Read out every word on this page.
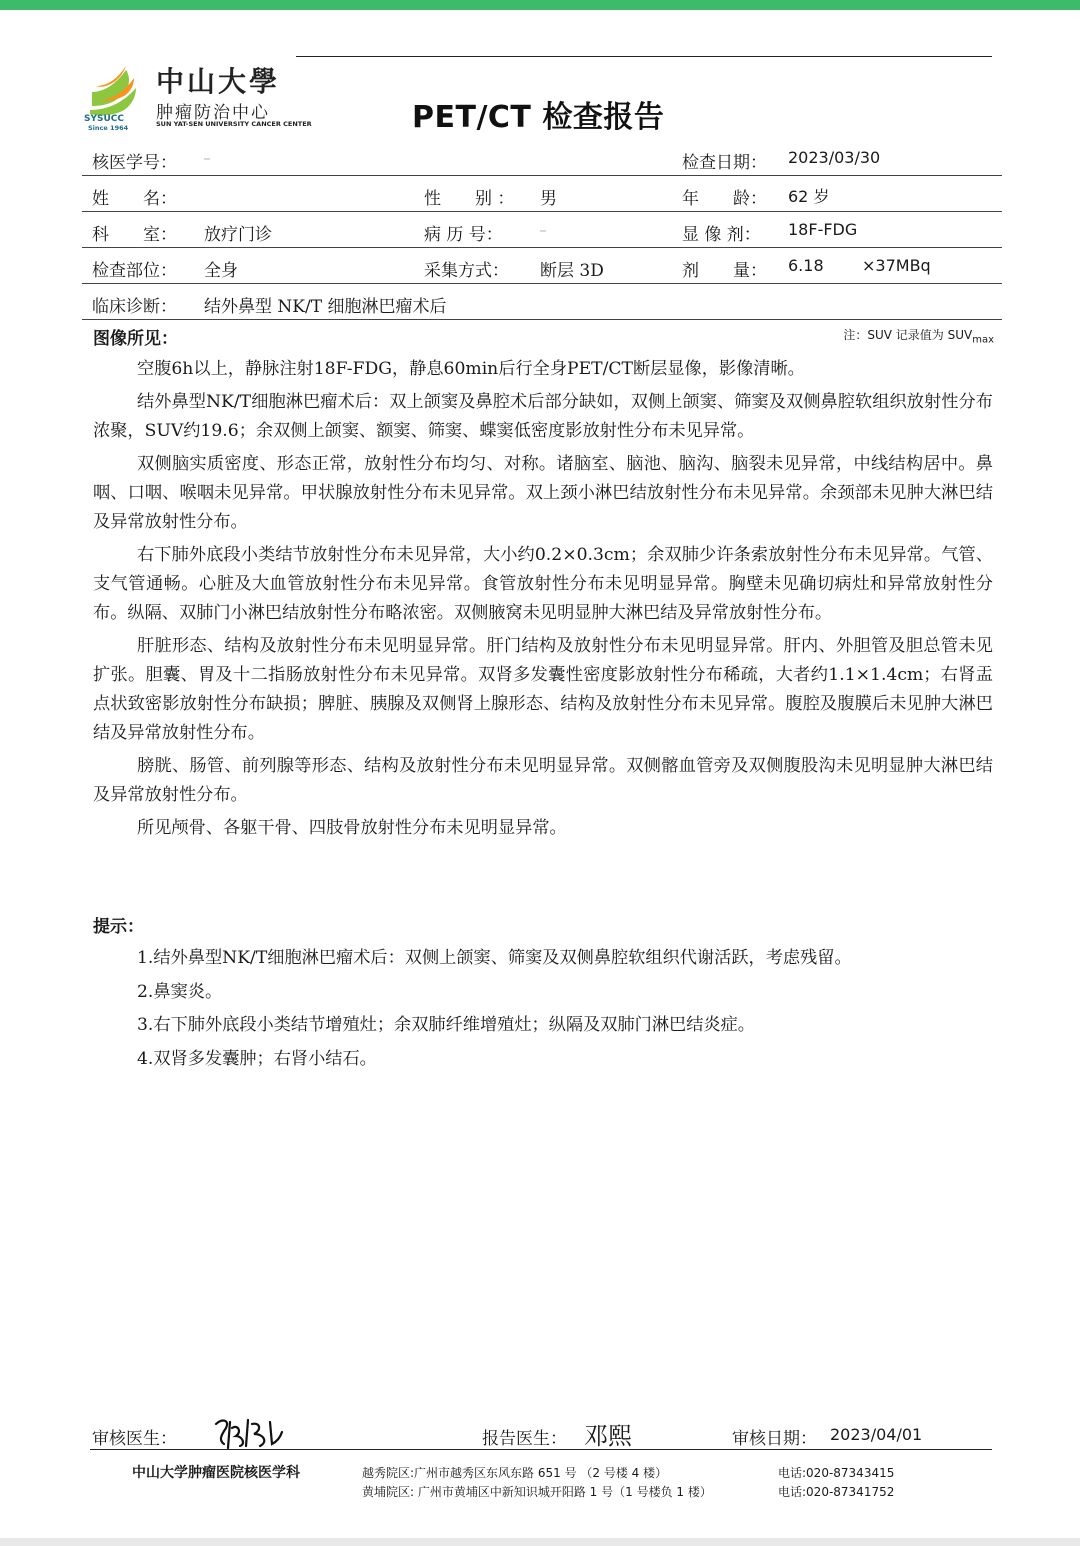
SYSUCC
Since 1964
中山大學
肿瘤防治中心
SUN YAT-SEN UNIVERSITY CANCER CENTER	PET/CT 检查报告
核医学号：	检查日期： 2023/03/30
姓　　名：	性　　别 ： 男	年　　龄： 62 岁
科　　室： 放疗门诊	病 历 号：	显 像 剂： 18F-FDG
检查部位： 全身	采集方式： 断层 3D	剂　　量： 6.18 ×37MBq
临床诊断： 结外鼻型 NK/T 细胞淋巴瘤术后
图像所见：	注：SUV 记录值为 $SUV_{max}$

空腹6h以上，静脉注射18F-FDG，静息60min后行全身PET/CT断层显像，影像清晰。

结外鼻型NK/T细胞淋巴瘤术后：双上颌窦及鼻腔术后部分缺如，双侧上颌窦、筛窦及双侧鼻腔软组织放射性分布浓聚，SUV约19.6；余双侧上颌窦、额窦、筛窦、蝶窦低密度影放射性分布未见异常。

双侧脑实质密度、形态正常，放射性分布均匀、对称。诸脑室、脑池、脑沟、脑裂未见异常，中线结构居中。鼻咽、口咽、喉咽未见异常。甲状腺放射性分布未见异常。双上颈小淋巴结放射性分布未见异常。余颈部未见肿大淋巴结及异常放射性分布。

右下肺外底段小类结节放射性分布未见异常，大小约0.2×0.3cm；余双肺少许条索放射性分布未见异常。气管、支气管通畅。心脏及大血管放射性分布未见异常。食管放射性分布未见明显异常。胸壁未见确切病灶和异常放射性分布。纵隔、双肺门小淋巴结放射性分布略浓密。双侧腋窝未见明显肿大淋巴结及异常放射性分布。

肝脏形态、结构及放射性分布未见明显异常。肝门结构及放射性分布未见明显异常。肝内、外胆管及胆总管未见扩张。胆囊、胃及十二指肠放射性分布未见异常。双肾多发囊性密度影放射性分布稀疏，大者约1.1×1.4cm；右肾盂点状致密影放射性分布缺损；脾脏、胰腺及双侧肾上腺形态、结构及放射性分布未见异常。腹腔及腹膜后未见肿大淋巴结及异常放射性分布。

膀胱、肠管、前列腺等形态、结构及放射性分布未见明显异常。双侧髂血管旁及双侧腹股沟未见明显肿大淋巴结及异常放射性分布。

所见颅骨、各躯干骨、四肢骨放射性分布未见明显异常。

提示：
1.结外鼻型NK/T细胞淋巴瘤术后：双侧上颌窦、筛窦及双侧鼻腔软组织代谢活跃，考虑残留。
2.鼻窦炎。
3.右下肺外底段小类结节增殖灶；余双肺纤维增殖灶；纵隔及双肺门淋巴结炎症。
4.双肾多发囊肿；右肾小结石。
审核医生：	报告医生： 邓熙	审核日期： 2023/04/01
中山大学肿瘤医院核医学科	越秀院区:广州市越秀区东风东路 651 号 （2 号楼 4 楼）	电话:020-87343415
黄埔院区: 广州市黄埔区中新知识城开阳路 1 号（1 号楼负 1 楼）	电话:020-87341752
